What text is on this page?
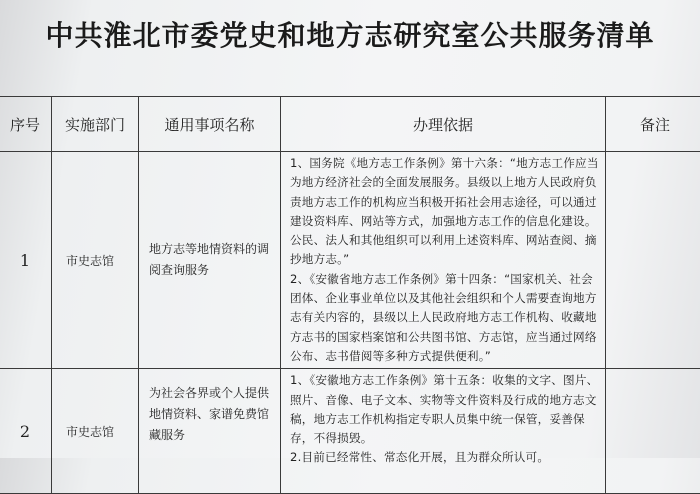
中共淮北市委党史和地方志研究室公共服务清单
序号	实施部门	通用事项名称	办理依据	备注
1	市史志馆	地方志等地情资料的调阅查询服务	1、国务院《地方志工作条例》第十六条：“地方志工作应当为地方经济社会的全面发展服务。县级以上地方人民政府负责地方志工作的机构应当积极开拓社会用志途径，可以通过建设资料库、网站等方式，加强地方志工作的信息化建设。公民、法人和其他组织可以利用上述资料库、网站查阅、摘抄地方志。”

2、《安徽省地方志工作条例》第十四条：“国家机关、社会团体、企业事业单位以及其他社会组织和个人需要查询地方志有关内容的，县级以上人民政府地方志工作机构、收藏地方志书的国家档案馆和公共图书馆、方志馆，应当通过网络公布、志书借阅等多种方式提供便利。”	

2	市史志馆	为社会各界或个人提供地情资料、家谱免费馆藏服务	1、《安徽地方志工作条例》第十五条：收集的文字、图片、照片、音像、电子文本、实物等文件资料及行成的地方志文稿，地方志工作机构指定专职人员集中统一保管，妥善保存，不得损毁。

2.目前已经常性、常态化开展，且为群众所认可。	
